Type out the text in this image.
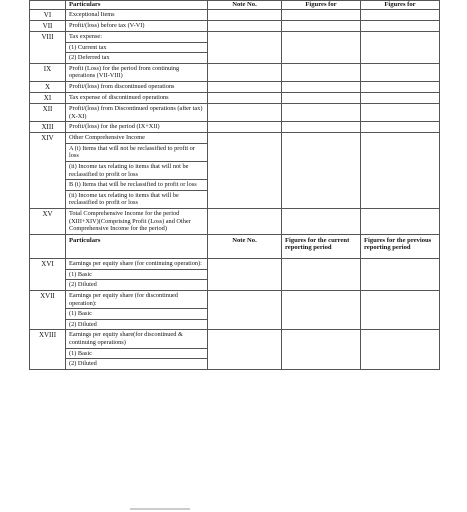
	Particulars	Note No.	Figures for	Figures for

VI	Exceptional Items			

VII	Profit/(loss) before tax (V-VI)			

VIII	Tax expense:
(1) Current tax
(2) Deferred tax			

IX	Profit (Loss) for the period from continuing operations (VII-VIII)			

X	Profit/(loss) from discontinued operations			

XI	Tax expense of discontinued operations			

XII	Profit/(loss) from Discontinued operations (after tax) (X-XI)			

XIII	Profit/(loss) for the period (IX+XII)			

XIV	Other Comprehensive Income
A (i) Items that will not be reclassified to profit or loss
(ii) Income tax relating to items that will not be reclassified to profit or loss
B (i) Items that will be reclassified to profit or loss
(ii) Income tax relating to items that will be reclassified to profit or loss			

XV	Total Comprehensive Income for the period (XIII+XIV)(Comprising Profit (Loss) and Other Comprehensive Income for the period)			

	Particulars	Note No.	Figures for the current reporting period	Figures for the previous reporting period
XVI	Earnings per equity share (for continuing operation):
(1) Basic
(2) Diluted			

XVII	Earnings per equity share (for discontinued operation):
(1) Basic
(2) Diluted			

XVIII	Earnings per equity share(for discontinued & continuing operations)
(1) Basic
(2) Diluted			
